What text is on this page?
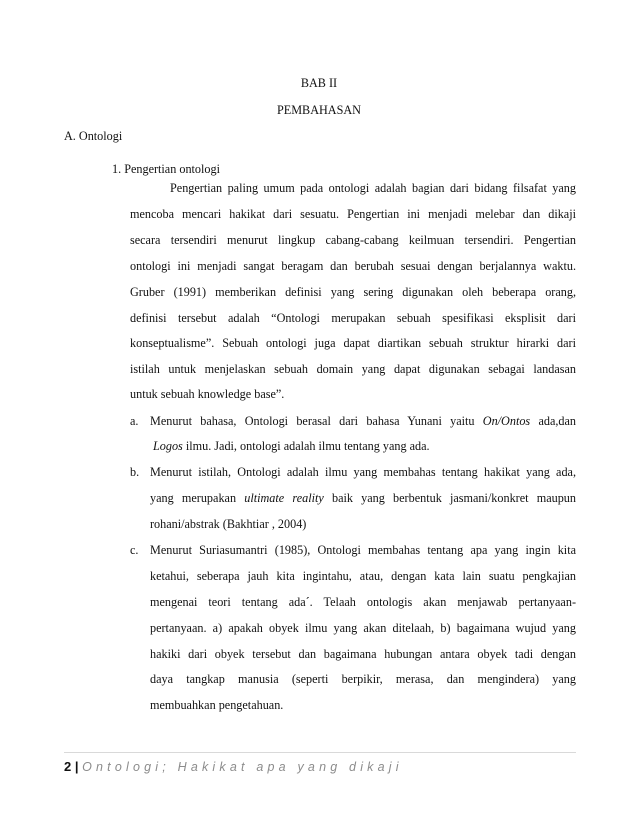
BAB II
PEMBAHASAN
A. Ontologi
1. Pengertian ontologi
Pengertian paling umum pada ontologi adalah bagian dari bidang filsafat yang
mencoba mencari hakikat dari sesuatu. Pengertian ini menjadi melebar dan dikaji
secara tersendiri menurut lingkup cabang-cabang keilmuan tersendiri. Pengertian
ontologi ini menjadi sangat beragam dan berubah sesuai dengan berjalannya waktu.
Gruber (1991) memberikan definisi yang sering digunakan oleh beberapa orang,
definisi tersebut adalah “Ontologi merupakan sebuah spesifikasi eksplisit dari
konseptualisme”. Sebuah ontologi juga dapat diartikan sebuah struktur hirarki dari
istilah untuk menjelaskan sebuah domain yang dapat digunakan sebagai landasan
untuk sebuah knowledge base”.
a. Menurut bahasa, Ontologi berasal dari bahasa Yunani yaitu On/Ontos ada,dan
Logos ilmu. Jadi, ontologi adalah ilmu tentang yang ada.
b. Menurut istilah, Ontologi adalah ilmu yang membahas tentang hakikat yang ada,
yang merupakan ultimate reality baik yang berbentuk jasmani/konkret maupun
rohani/abstrak (Bakhtiar , 2004)
c. Menurut Suriasumantri (1985), Ontologi membahas tentang apa yang ingin kita
ketahui, seberapa jauh kita ingintahu, atau, dengan kata lain suatu pengkajian
mengenai teori tentang ada´. Telaah ontologis akan menjawab pertanyaan-
pertanyaan. a) apakah obyek ilmu yang akan ditelaah, b) bagaimana wujud yang
hakiki dari obyek tersebut dan bagaimana hubungan antara obyek tadi dengan
daya tangkap manusia (seperti berpikir, merasa, dan mengindera) yang
membuahkan pengetahuan.
2 | Ontologi; Hakikat apa yang dikaji
